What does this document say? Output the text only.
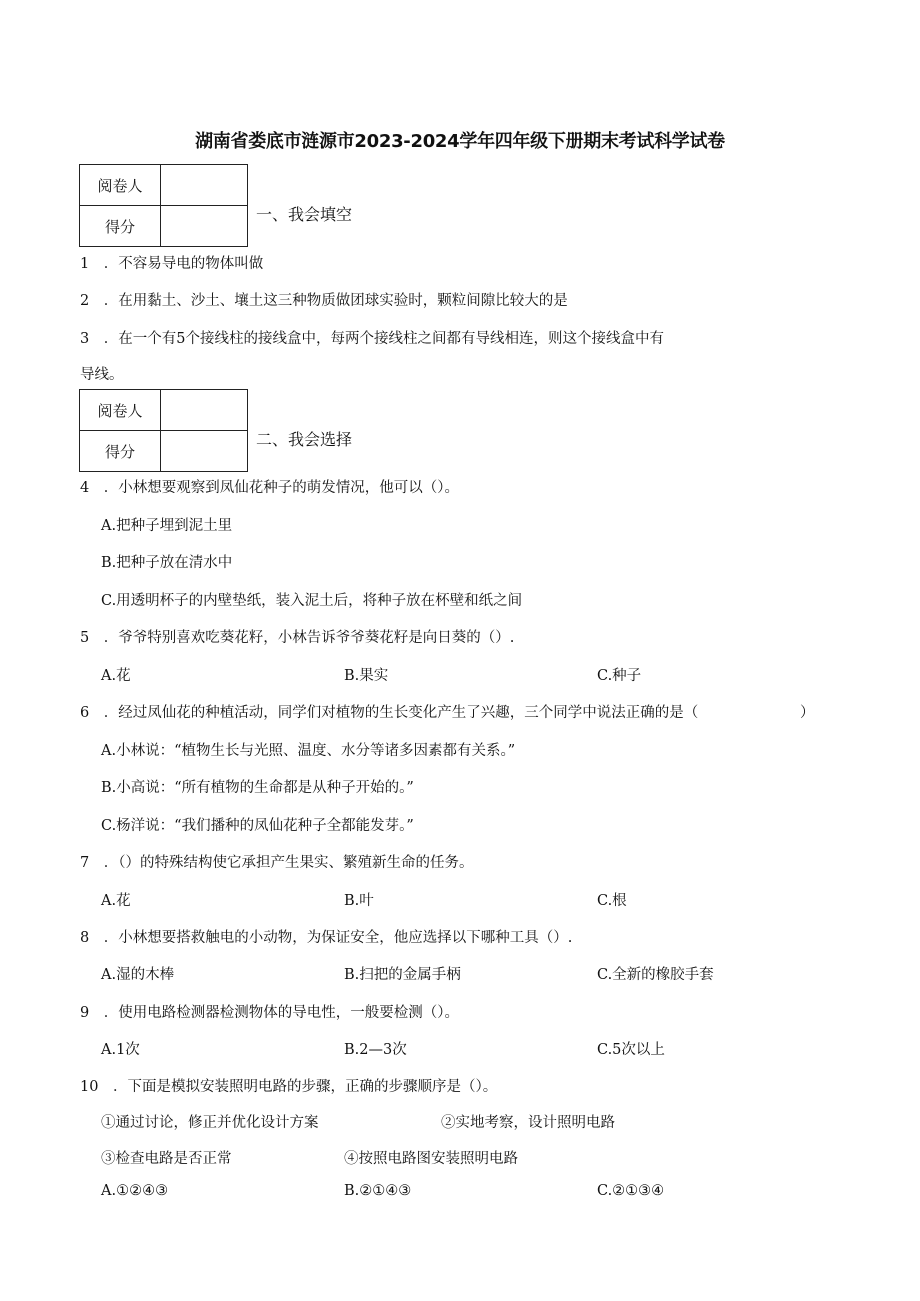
湖南省娄底市涟源市2023-2024学年四年级下册期末考试科学试卷
阅卷人	
得分	
一、我会填空
1　．不容易导电的物体叫做
2　．在用黏土、沙土、壤土这三种物质做团球实验时，颗粒间隙比较大的是
3　．在一个有5个接线柱的接线盒中，每两个接线柱之间都有导线相连，则这个接线盒中有
导线。
阅卷人	
得分	
二、我会选择
4　．小林想要观察到凤仙花种子的萌发情况，他可以（）。
A.把种子埋到泥土里
B.把种子放在清水中
C.用透明杯子的内壁垫纸，装入泥土后，将种子放在杯壁和纸之间
5　．爷爷特别喜欢吃葵花籽，小林告诉爷爷葵花籽是向日葵的（）.
A.花	B.果实	C.种子
6　．经过凤仙花的种植活动，同学们对植物的生长变化产生了兴趣，三个同学中说法正确的是（	）
A.小林说：“植物生长与光照、温度、水分等诸多因素都有关系。”
B.小高说：“所有植物的生命都是从种子开始的。”
C.杨洋说：“我们播种的凤仙花种子全都能发芽。”
7　．（）的特殊结构使它承担产生果实、繁殖新生命的任务。
A.花	B.叶	C.根
8　．小林想要搭救触电的小动物，为保证安全，他应选择以下哪种工具（）.
A.湿的木棒	B.扫把的金属手柄	C.全新的橡胶手套
9　．使用电路检测器检测物体的导电性，一般要检测（）。
A.1次	B.2—3次	C.5次以上
10　．下面是模拟安装照明电路的步骤，正确的步骤顺序是（）。
①通过讨论，修正并优化设计方案	②实地考察，设计照明电路
③检查电路是否正常	④按照电路图安装照明电路
A.①②④③	B.②①④③	C.②①③④
